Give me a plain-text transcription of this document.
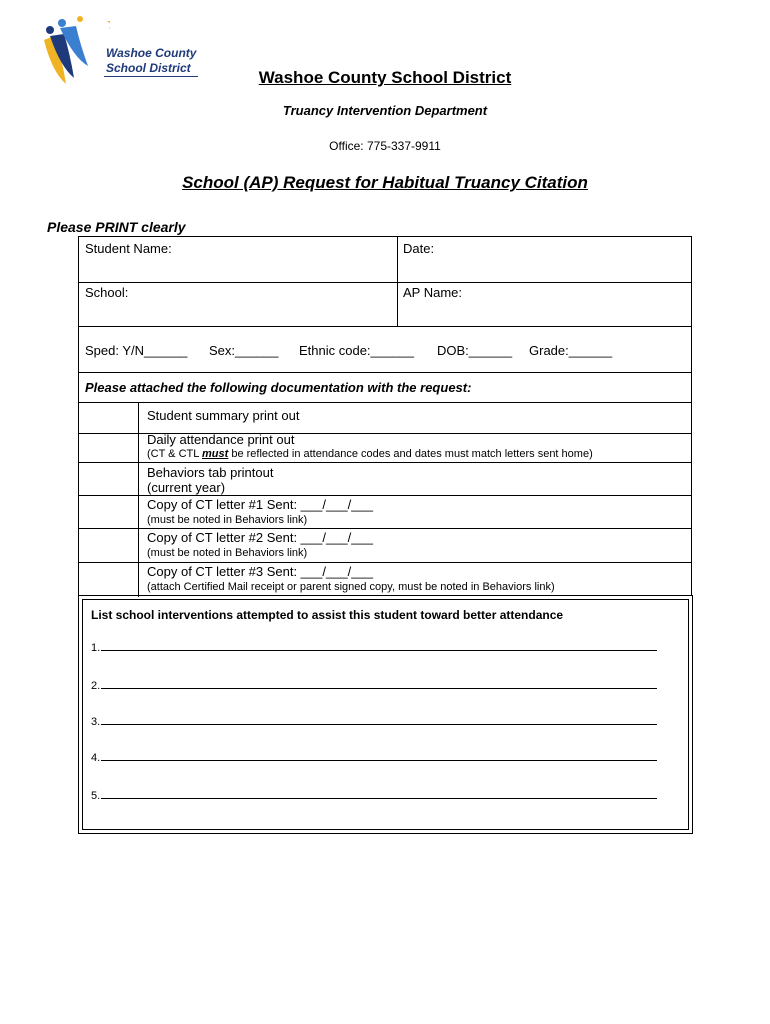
Washoe County
School District	Washoe County School District
Truancy Intervention Department
Office: 775-337-9911
School (AP) Request for Habitual Truancy Citation
Please PRINT clearly
Student Name:	Date:
School:	AP Name:
Sped: Y/N______ Sex:______ Ethnic code:______ DOB:______ Grade:______
Please attached the following documentation with the request:
Student summary print out
Daily attendance print out
(CT & CTL must be reflected in attendance codes and dates must match letters sent home)
Behaviors tab printout
(current year)
Copy of CT letter #1 Sent: ___/___/___
(must be noted in Behaviors link)
Copy of CT letter #2 Sent: ___/___/___
(must be noted in Behaviors link)
Copy of CT letter #3 Sent: ___/___/___
(attach Certified Mail receipt or parent signed copy, must be noted in Behaviors link)
List school interventions attempted to assist this student toward better attendance
1.
2.
3.
4.
5.
